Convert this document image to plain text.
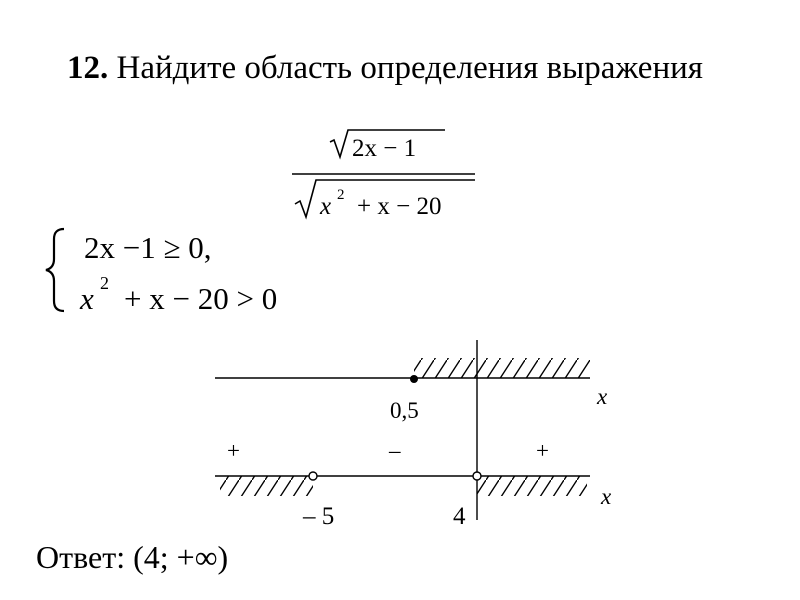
12. Найдите область определения выражения
2x − 1
x 2 + x − 20
2x −1 ≥ 0,
x 2 + x − 20 > 0
0,5
x
+	–	+
– 5	4
x
Ответ: (4; +∞)
